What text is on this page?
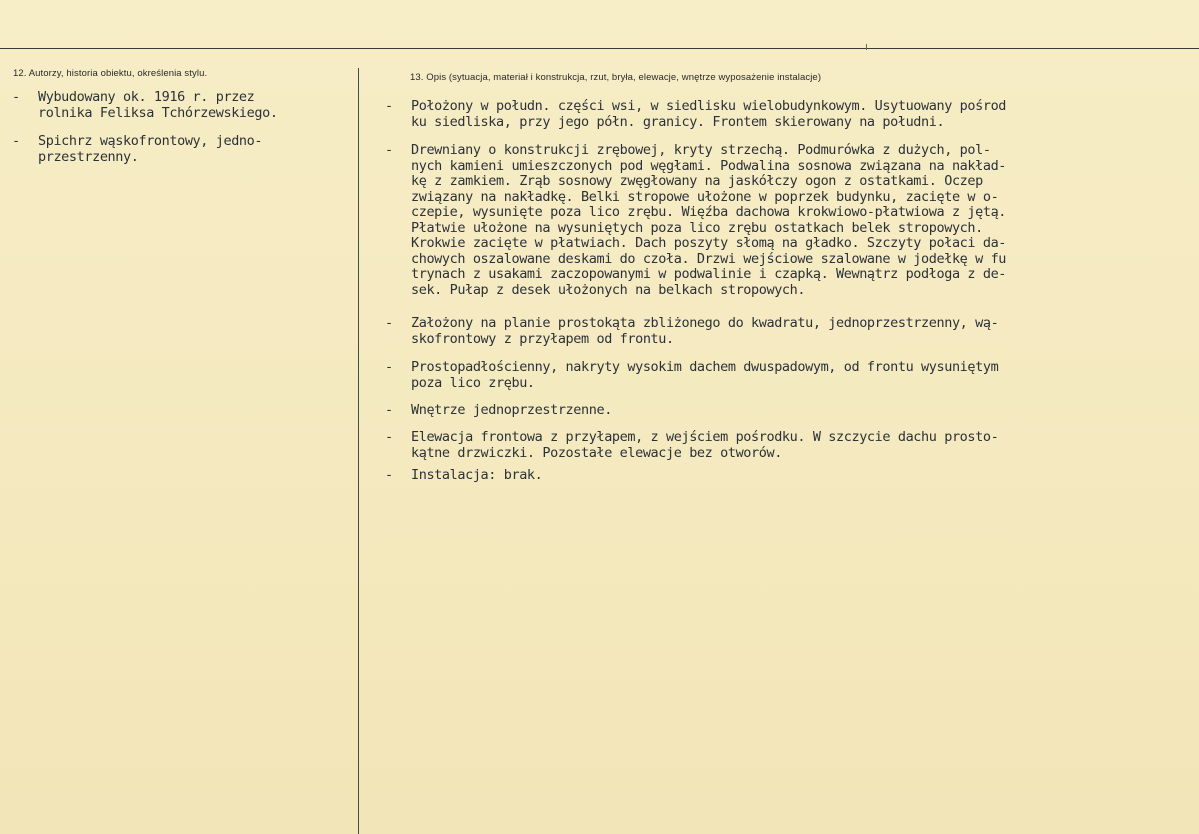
12. Autorzy, historia obiektu, określenia stylu.	13. Opis (sytuacja, materiał i konstrukcja, rzut, bryła, elewacje, wnętrze wyposażenie instalacje)
-	Wybudowany ok. 1916 r. przez
rolnika Feliksa Tchórzewskiego.
-	Spichrz wąskofrontowy, jedno-
przestrzenny.
-	Położony w połudn. części wsi, w siedlisku wielobudynkowym. Usytuowany pośrod
ku siedliska, przy jego półn. granicy. Frontem skierowany na południ.
-	Drewniany o konstrukcji zrębowej, kryty strzechą. Podmurówka z dużych, pol-
nych kamieni umieszczonych pod węgłami. Podwalina sosnowa związana na nakład-
kę z zamkiem. Zrąb sosnowy zwęgłowany na jaskółczy ogon z ostatkami. Oczep
związany na nakładkę. Belki stropowe ułożone w poprzek budynku, zacięte w o-
czepie, wysunięte poza lico zrębu. Więźba dachowa krokwiowo-płatwiowa z jętą.
Płatwie ułożone na wysuniętych poza lico zrębu ostatkach belek stropowych.
Krokwie zacięte w płatwiach. Dach poszyty słomą na gładko. Szczyty połaci da-
chowych oszalowane deskami do czoła. Drzwi wejściowe szalowane w jodełkę w fu
trynach z usakami zaczopowanymi w podwalinie i czapką. Wewnątrz podłoga z de-
sek. Pułap z desek ułożonych na belkach stropowych.
-	Założony na planie prostokąta zbliżonego do kwadratu, jednoprzestrzenny, wą-
skofrontowy z przyłapem od frontu.
-	Prostopadłościenny, nakryty wysokim dachem dwuspadowym, od frontu wysuniętym
poza lico zrębu.
-	Wnętrze jednoprzestrzenne.
-	Elewacja frontowa z przyłapem, z wejściem pośrodku. W szczycie dachu prosto-
kątne drzwiczki. Pozostałe elewacje bez otworów.
-	Instalacja: brak.
